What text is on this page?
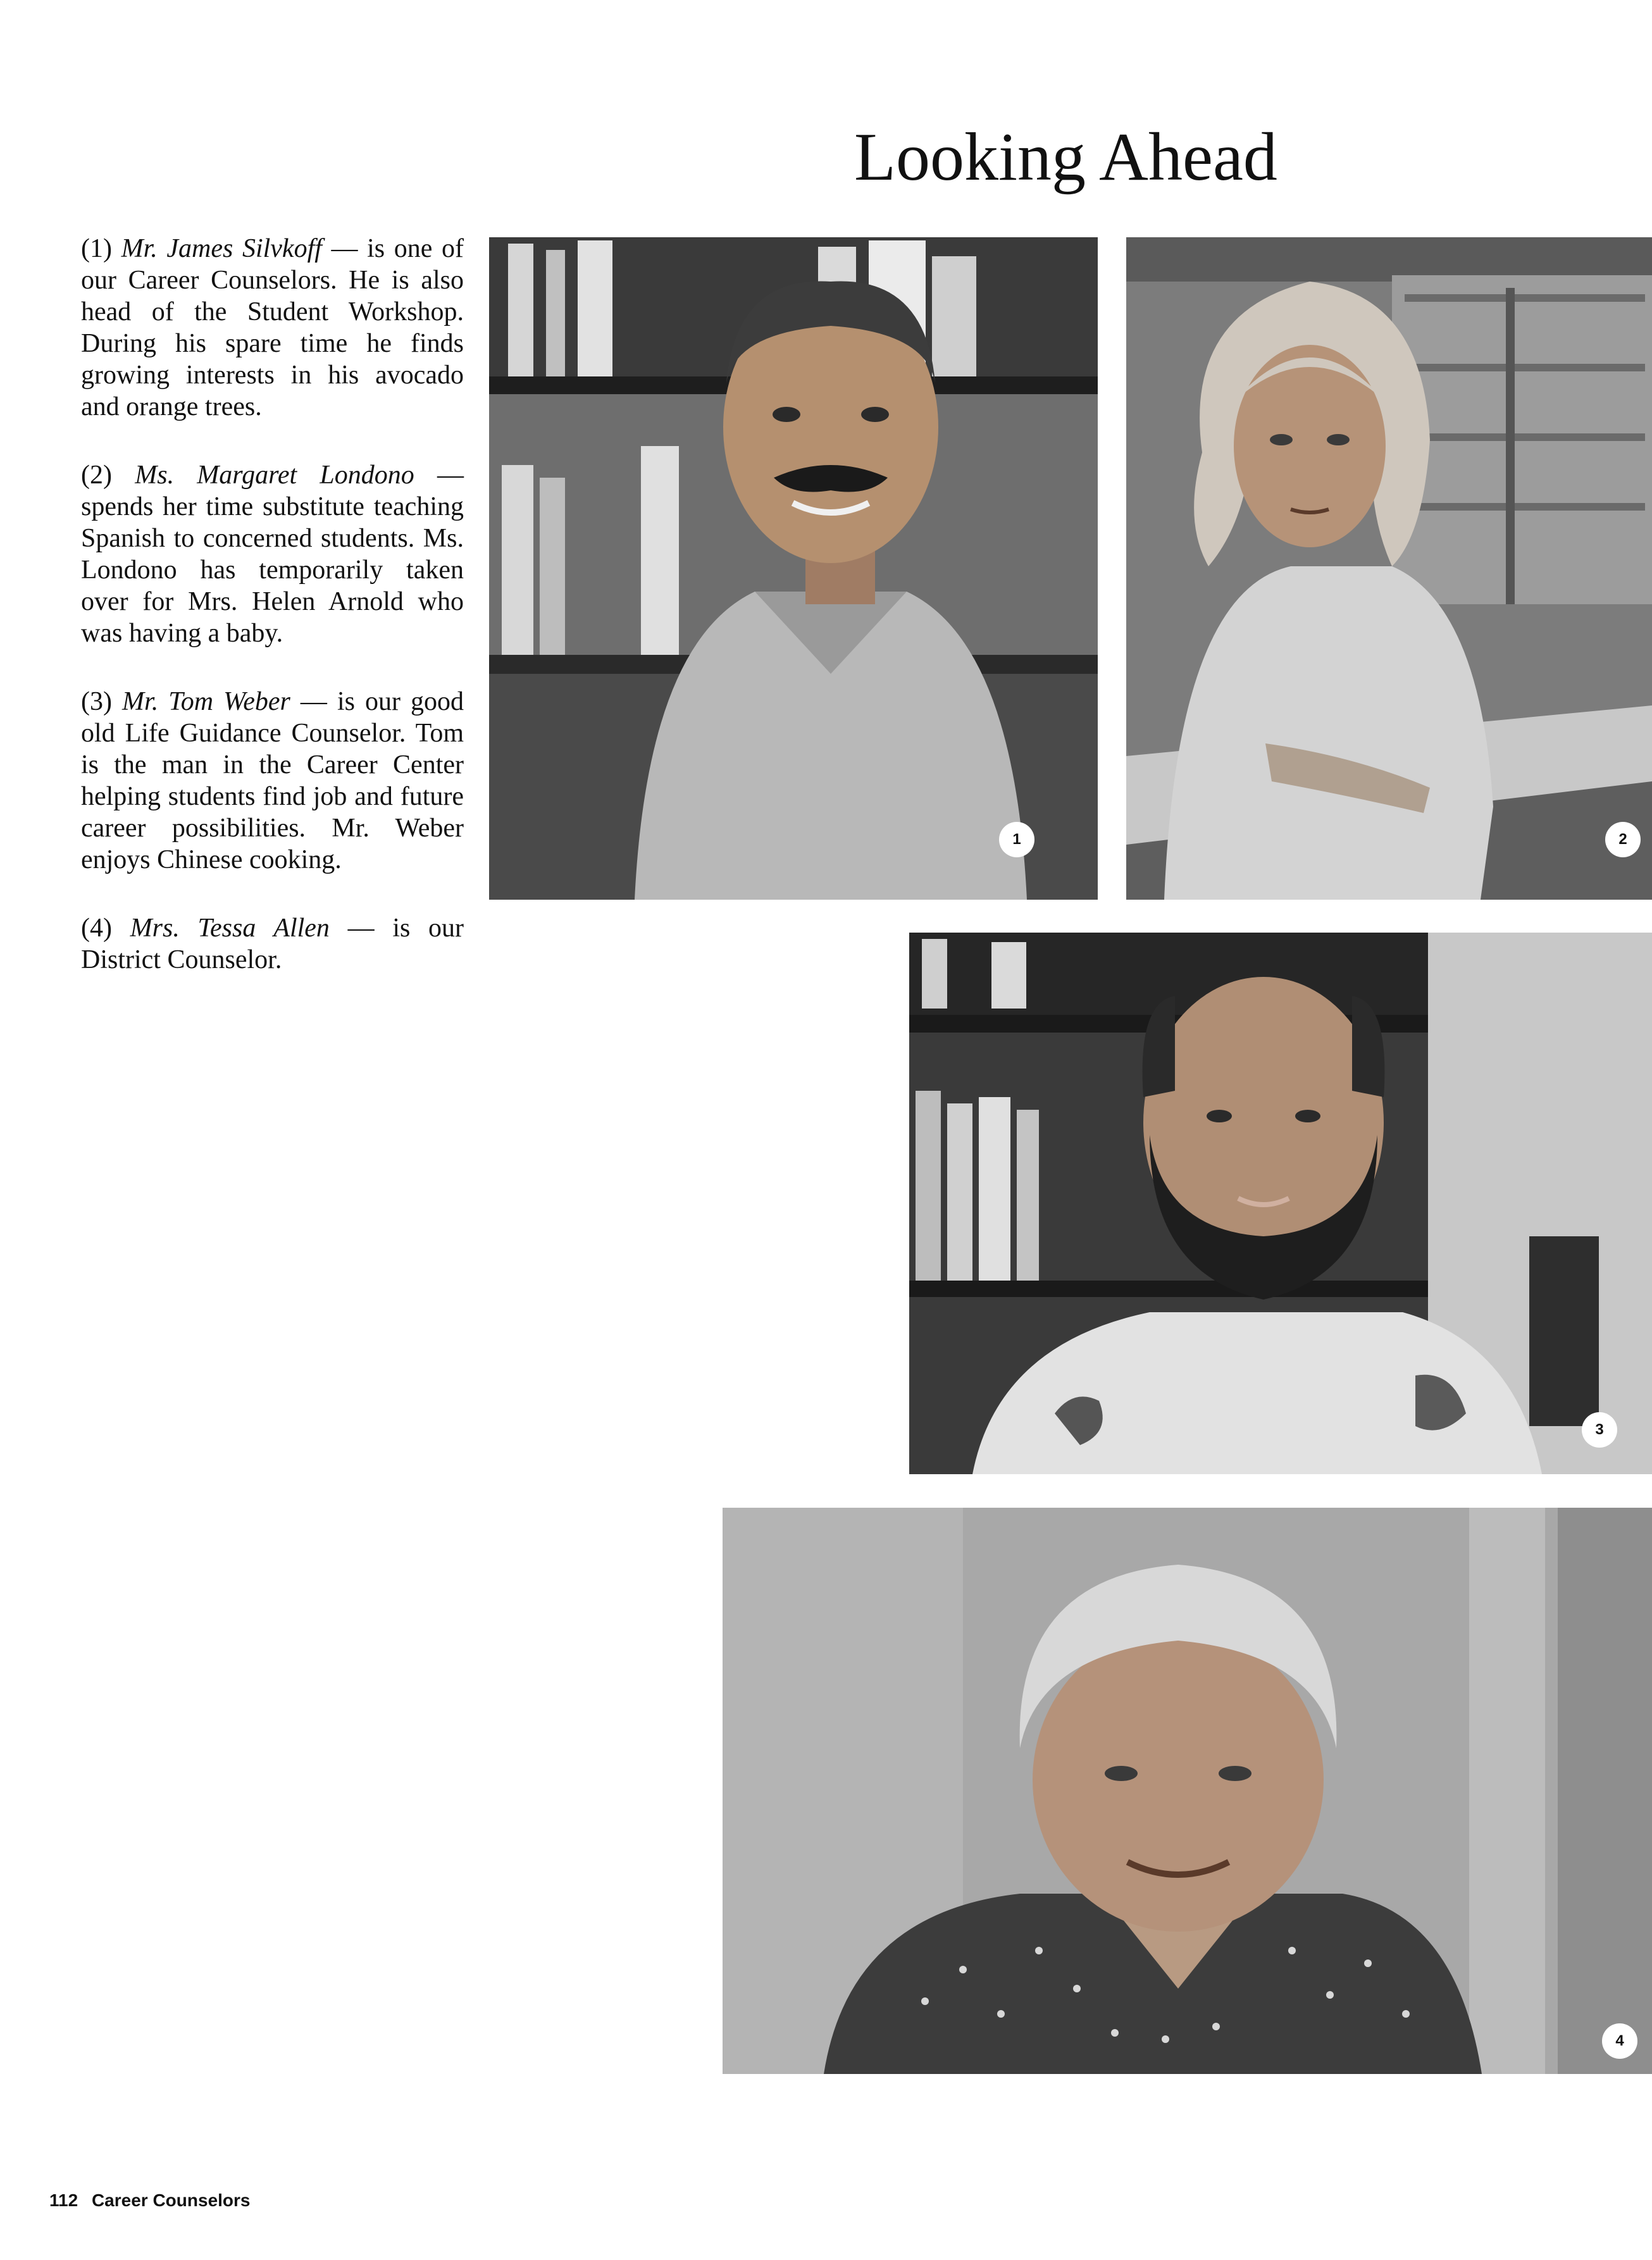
Looking Ahead

(1) Mr. James Silvkoff — is one of our Career Counselors. He is also head of the Student Workshop. During his spare time he finds growing interests in his avocado and orange trees.

(2) Ms. Margaret Londono — spends her time substitute teaching Spanish to concerned students. Ms. Londono has temporarily taken over for Mrs. Helen Arnold who was having a baby.

(3) Mr. Tom Weber — is our good old Life Guidance Counselor. Tom is the man in the Career Center helping students find job and future career possibilities. Mr. Weber enjoys Chinese cooking.

(4) Mrs. Tessa Allen — is our District Counselor.

1	2
3
4
112 Career Counselors
